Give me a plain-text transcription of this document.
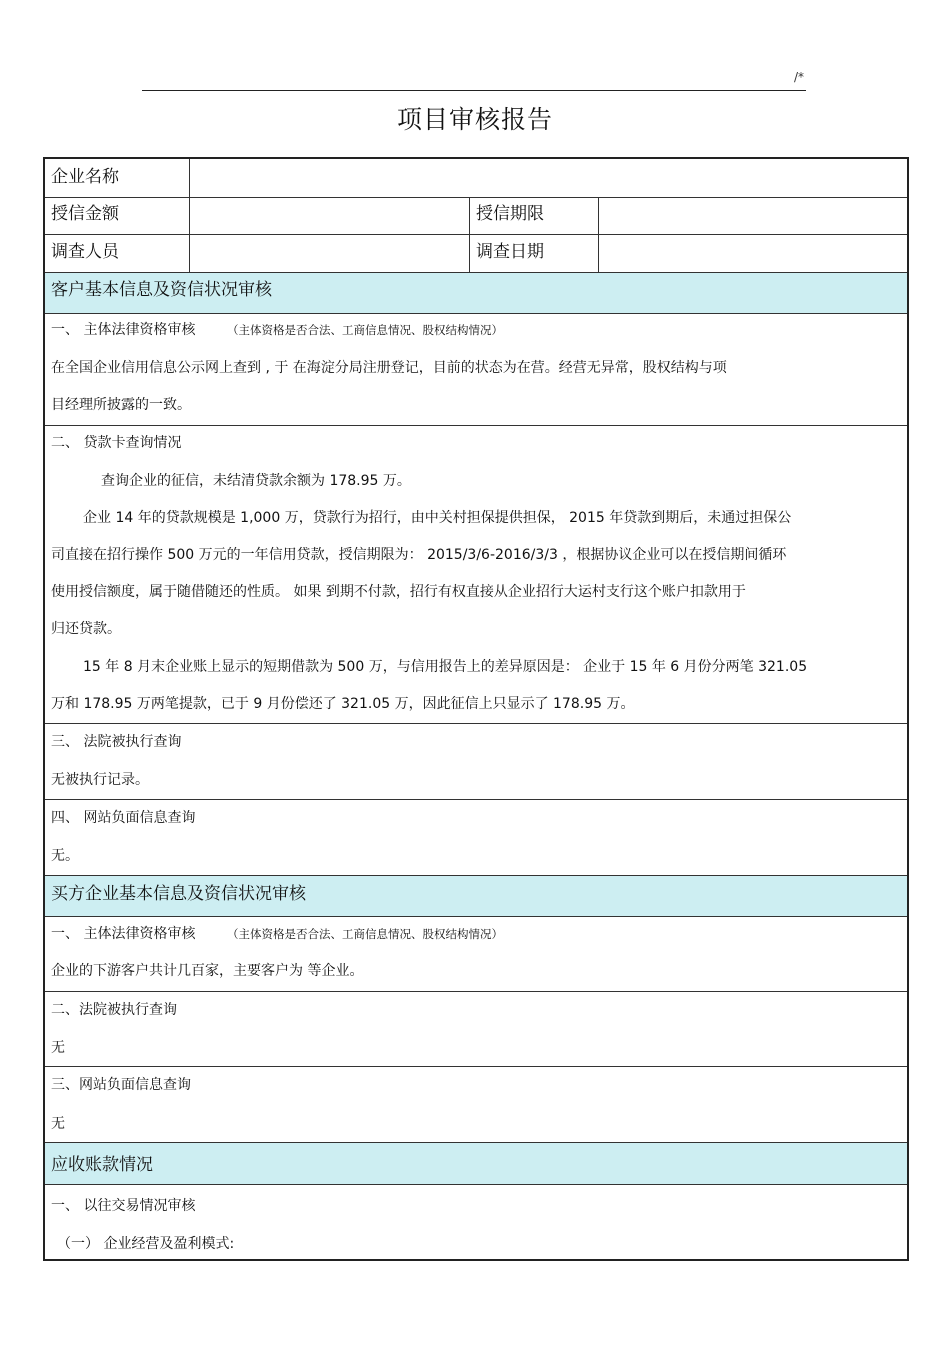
/*
项目审核报告
企业名称
授信金额	授信期限
调查人员	调查日期
客户基本信息及资信状况审核
一、 主体法律资格审核	（主体资格是否合法、工商信息情况、股权结构情况）
在全国企业信用信息公示网上查到 , 于 在海淀分局注册登记，目前的状态为在营。经营无异常，股权结构与项
目经理所披露的一致。
二、 贷款卡查询情况
查询企业的征信，未结清贷款余额为 178.95 万。
企业 14 年的贷款规模是 1,000 万，贷款行为招行，由中关村担保提供担保， 2015 年贷款到期后，未通过担保公
司直接在招行操作 500 万元的一年信用贷款，授信期限为： 2015/3/6-2016/3/3 ，根据协议企业可以在授信期间循环
使用授信额度，属于随借随还的性质。 如果 到期不付款，招行有权直接从企业招行大运村支行这个账户扣款用于
归还贷款。
15 年 8 月末企业账上显示的短期借款为 500 万，与信用报告上的差异原因是： 企业于 15 年 6 月份分两笔 321.05
万和 178.95 万两笔提款，已于 9 月份偿还了 321.05 万，因此征信上只显示了 178.95 万。
三、 法院被执行查询
无被执行记录。
四、 网站负面信息查询
无。
买方企业基本信息及资信状况审核
一、 主体法律资格审核	（主体资格是否合法、工商信息情况、股权结构情况）
企业的下游客户共计几百家，主要客户为 等企业。
二、法院被执行查询
无
三、网站负面信息查询
无
应收账款情况
一、 以往交易情况审核
（一） 企业经营及盈利模式:
